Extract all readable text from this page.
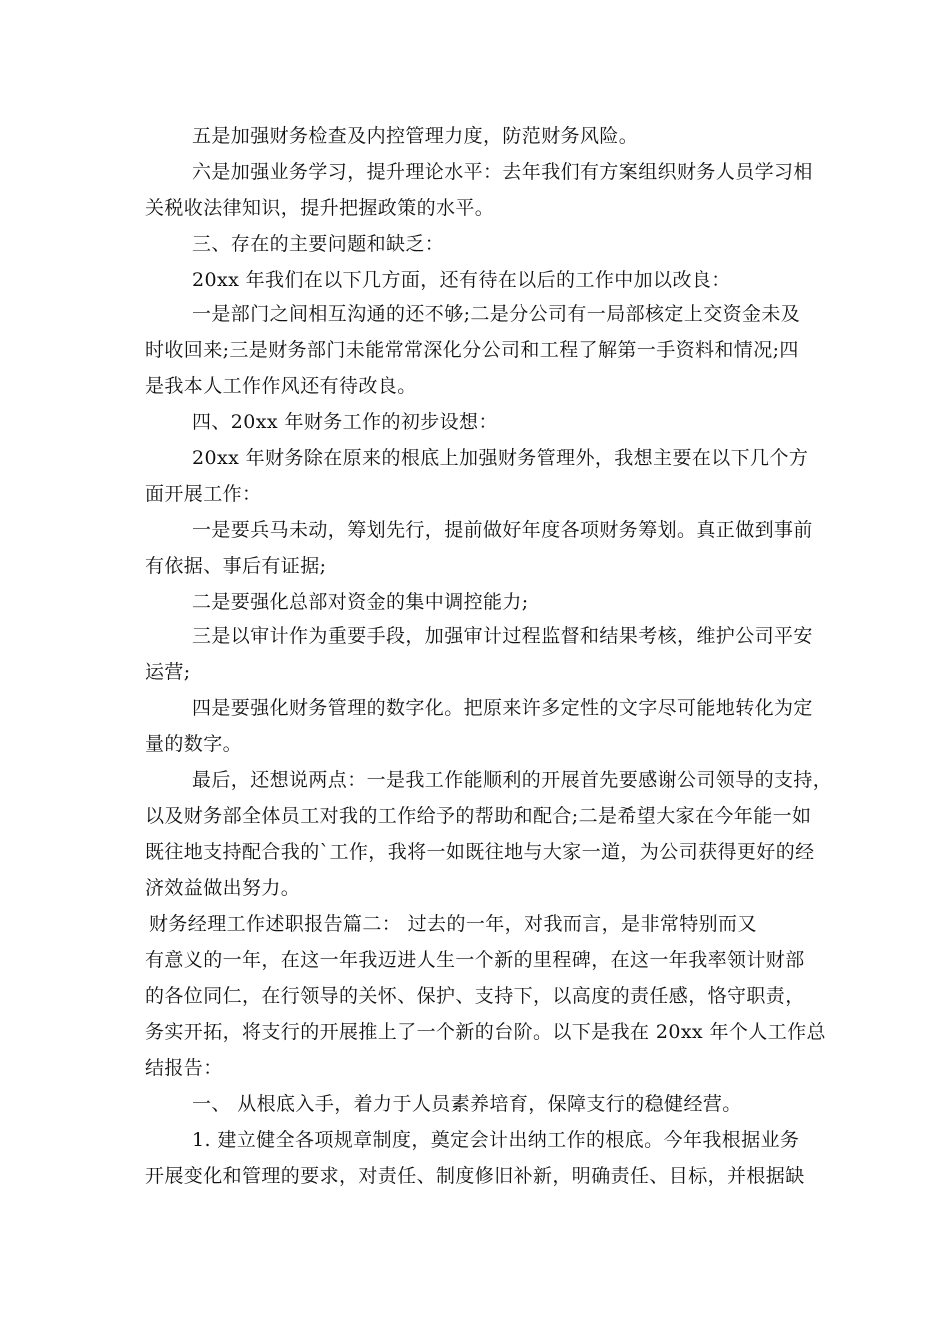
五是加强财务检查及内控管理力度，防范财务风险。
六是加强业务学习，提升理论水平：去年我们有方案组织财务人员学习相
关税收法律知识，提升把握政策的水平。
三、存在的主要问题和缺乏：
20xx 年我们在以下几方面，还有待在以后的工作中加以改良：
一是部门之间相互沟通的还不够;二是分公司有一局部核定上交资金未及
时收回来;三是财务部门未能常常深化分公司和工程了解第一手资料和情况;四
是我本人工作作风还有待改良。
四、20xx 年财务工作的初步设想：
20xx 年财务除在原来的根底上加强财务管理外，我想主要在以下几个方
面开展工作：
一是要兵马未动，筹划先行，提前做好年度各项财务筹划。真正做到事前
有依据、事后有证据;
二是要强化总部对资金的集中调控能力;
三是以审计作为重要手段，加强审计过程监督和结果考核，维护公司平安
运营;
四是要强化财务管理的数字化。把原来许多定性的文字尽可能地转化为定
量的数字。
最后，还想说两点：一是我工作能顺利的开展首先要感谢公司领导的支持，
以及财务部全体员工对我的工作给予的帮助和配合;二是希望大家在今年能一如
既往地支持配合我的`工作，我将一如既往地与大家一道，为公司获得更好的经
济效益做出努力。
财务经理工作述职报告篇二： 过去的一年，对我而言，是非常特别而又
有意义的一年，在这一年我迈进人生一个新的里程碑，在这一年我率领计财部
的各位同仁，在行领导的关怀、保护、支持下，以高度的责任感，恪守职责，
务实开拓，将支行的开展推上了一个新的台阶。以下是我在 20xx 年个人工作总
结报告：
一、 从根底入手，着力于人员素养培育，保障支行的稳健经营。
1. 建立健全各项规章制度，奠定会计出纳工作的根底。今年我根据业务
开展变化和管理的要求，对责任、制度修旧补新，明确责任、目标，并根据缺
